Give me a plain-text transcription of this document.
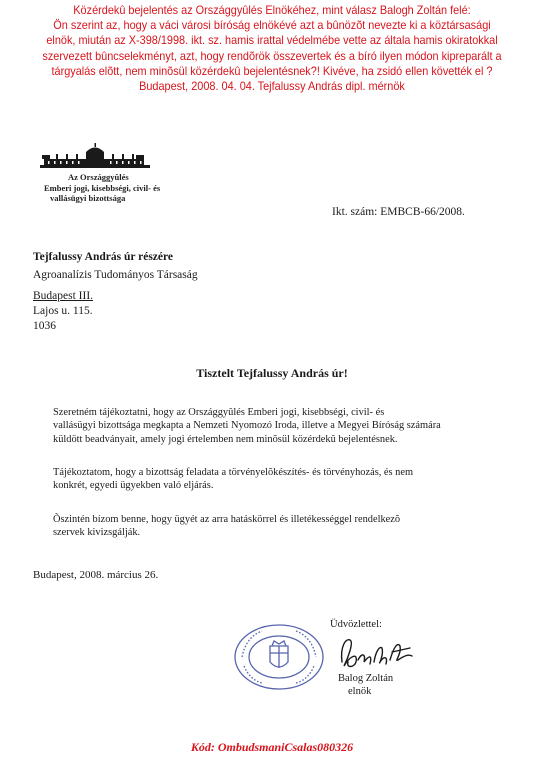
Közérdekû bejelentés az Országgyûlés Elnökéhez, mint válasz Balogh Zoltán felé:
Ön szerint az, hogy a váci városi bíróság elnökévé azt a bûnözõt nevezte ki a köztársasági
elnök, miután az X-398/1998. ikt. sz. hamis irattal védelmébe vette az általa hamis okiratokkal
szervezett bûncselekményt, azt, hogy rendõrök összevertek és a bíró ilyen módon kipreparált a
tárgyalás elõtt, nem minõsül közérdekû bejelentésnek?! Kivéve, ha zsidó ellen követték el ?
Budapest, 2008. 04. 04. Tejfalussy András dipl. mérnök
Az Országgyûlés
Emberi jogi, kisebbségi, civil- és
vallásügyi bizottsága
Ikt. szám: EMBCB-66/2008.
Tejfalussy András úr részére
Agroanalízis Tudományos Társaság
Budapest III.
Lajos u. 115.
1036
Tisztelt Tejfalussy András úr!
Szeretném tájékoztatni, hogy az Országgyûlés Emberi jogi, kisebbségi, civil- és
vallásügyi bizottsága megkapta a Nemzeti Nyomozó Iroda, illetve a Megyei Bíróság számára
küldött beadványait, amely jogi értelemben nem minõsül közérdekû bejelentésnek.
Tájékoztatom, hogy a bizottság feladata a törvényelõkészítés- és törvényhozás, és nem
konkrét, egyedi ügyekben való eljárás.
Õszintén bízom benne, hogy ügyét az arra hatáskörrel és illetékességgel rendelkezõ
szervek kivizsgálják.
Budapest, 2008. március 26.
Üdvözlettel:
Balog Zoltán
elnök
Kód: OmbudsmaniCsalas080326
